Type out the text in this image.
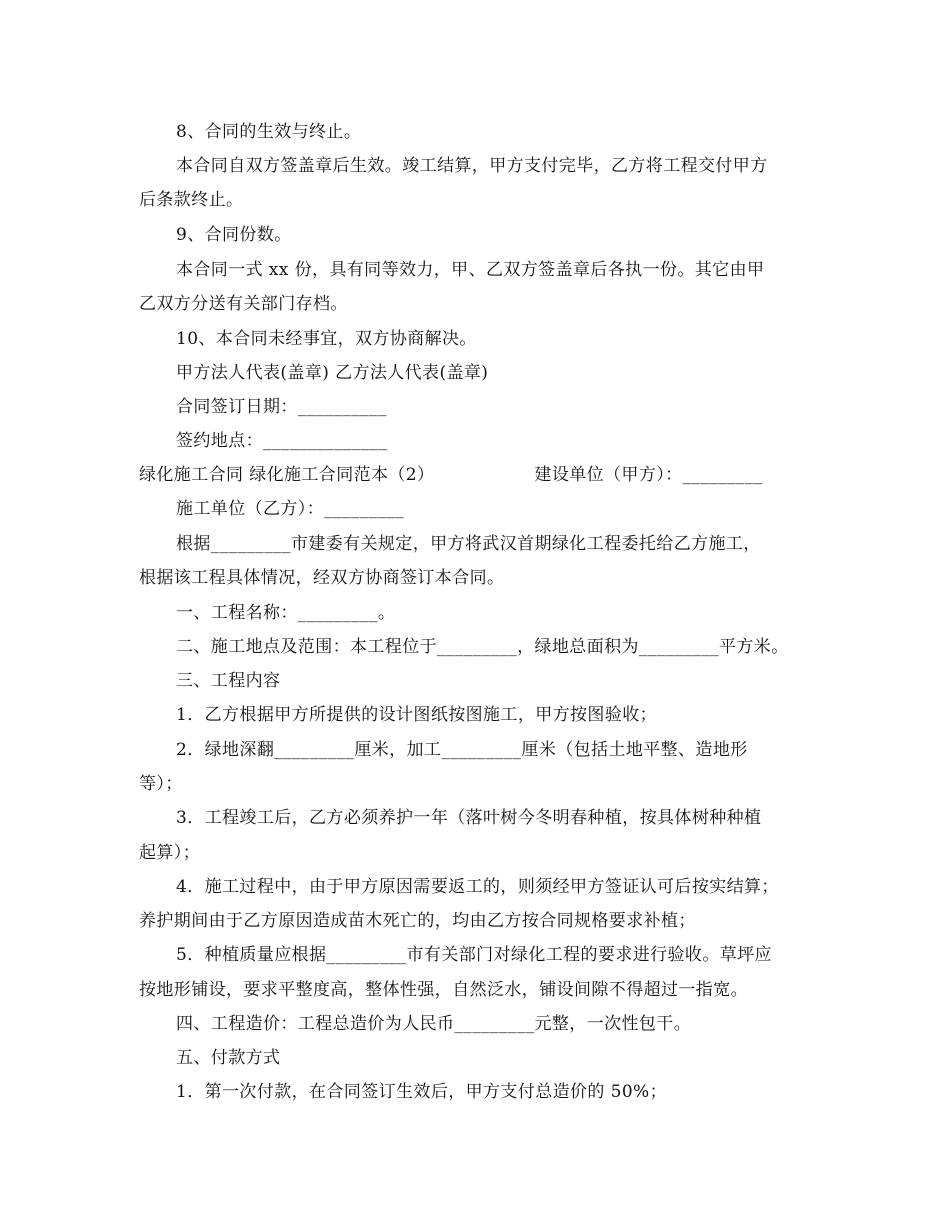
8、合同的生效与终止。
本合同自双方签盖章后生效。竣工结算，甲方支付完毕，乙方将工程交付甲方
后条款终止。
9、合同份数。
本合同一式 xx 份，具有同等效力，甲、乙双方签盖章后各执一份。其它由甲
乙双方分送有关部门存档。
10、本合同未经事宜，双方协商解决。
甲方法人代表(盖章) 乙方法人代表(盖章)
合同签订日期：__________
签约地点：______________
绿化施工合同 绿化施工合同范本（2）	建设单位（甲方）：_________
施工单位（乙方）：_________
根据_________市建委有关规定，甲方将武汉首期绿化工程委托给乙方施工，
根据该工程具体情况，经双方协商签订本合同。
一、工程名称：_________。
二、施工地点及范围：本工程位于_________，绿地总面积为_________平方米。
三、工程内容
1．乙方根据甲方所提供的设计图纸按图施工，甲方按图验收；
2．绿地深翻_________厘米，加工_________厘米（包括土地平整、造地形
等）；
3．工程竣工后，乙方必须养护一年（落叶树今冬明春种植，按具体树种种植
起算）；
4．施工过程中，由于甲方原因需要返工的，则须经甲方签证认可后按实结算；
养护期间由于乙方原因造成苗木死亡的，均由乙方按合同规格要求补植；
5．种植质量应根据_________市有关部门对绿化工程的要求进行验收。草坪应
按地形铺设，要求平整度高，整体性强，自然泛水，铺设间隙不得超过一指宽。
四、工程造价：工程总造价为人民币_________元整，一次性包干。
五、付款方式
1．第一次付款，在合同签订生效后，甲方支付总造价的 50%；
